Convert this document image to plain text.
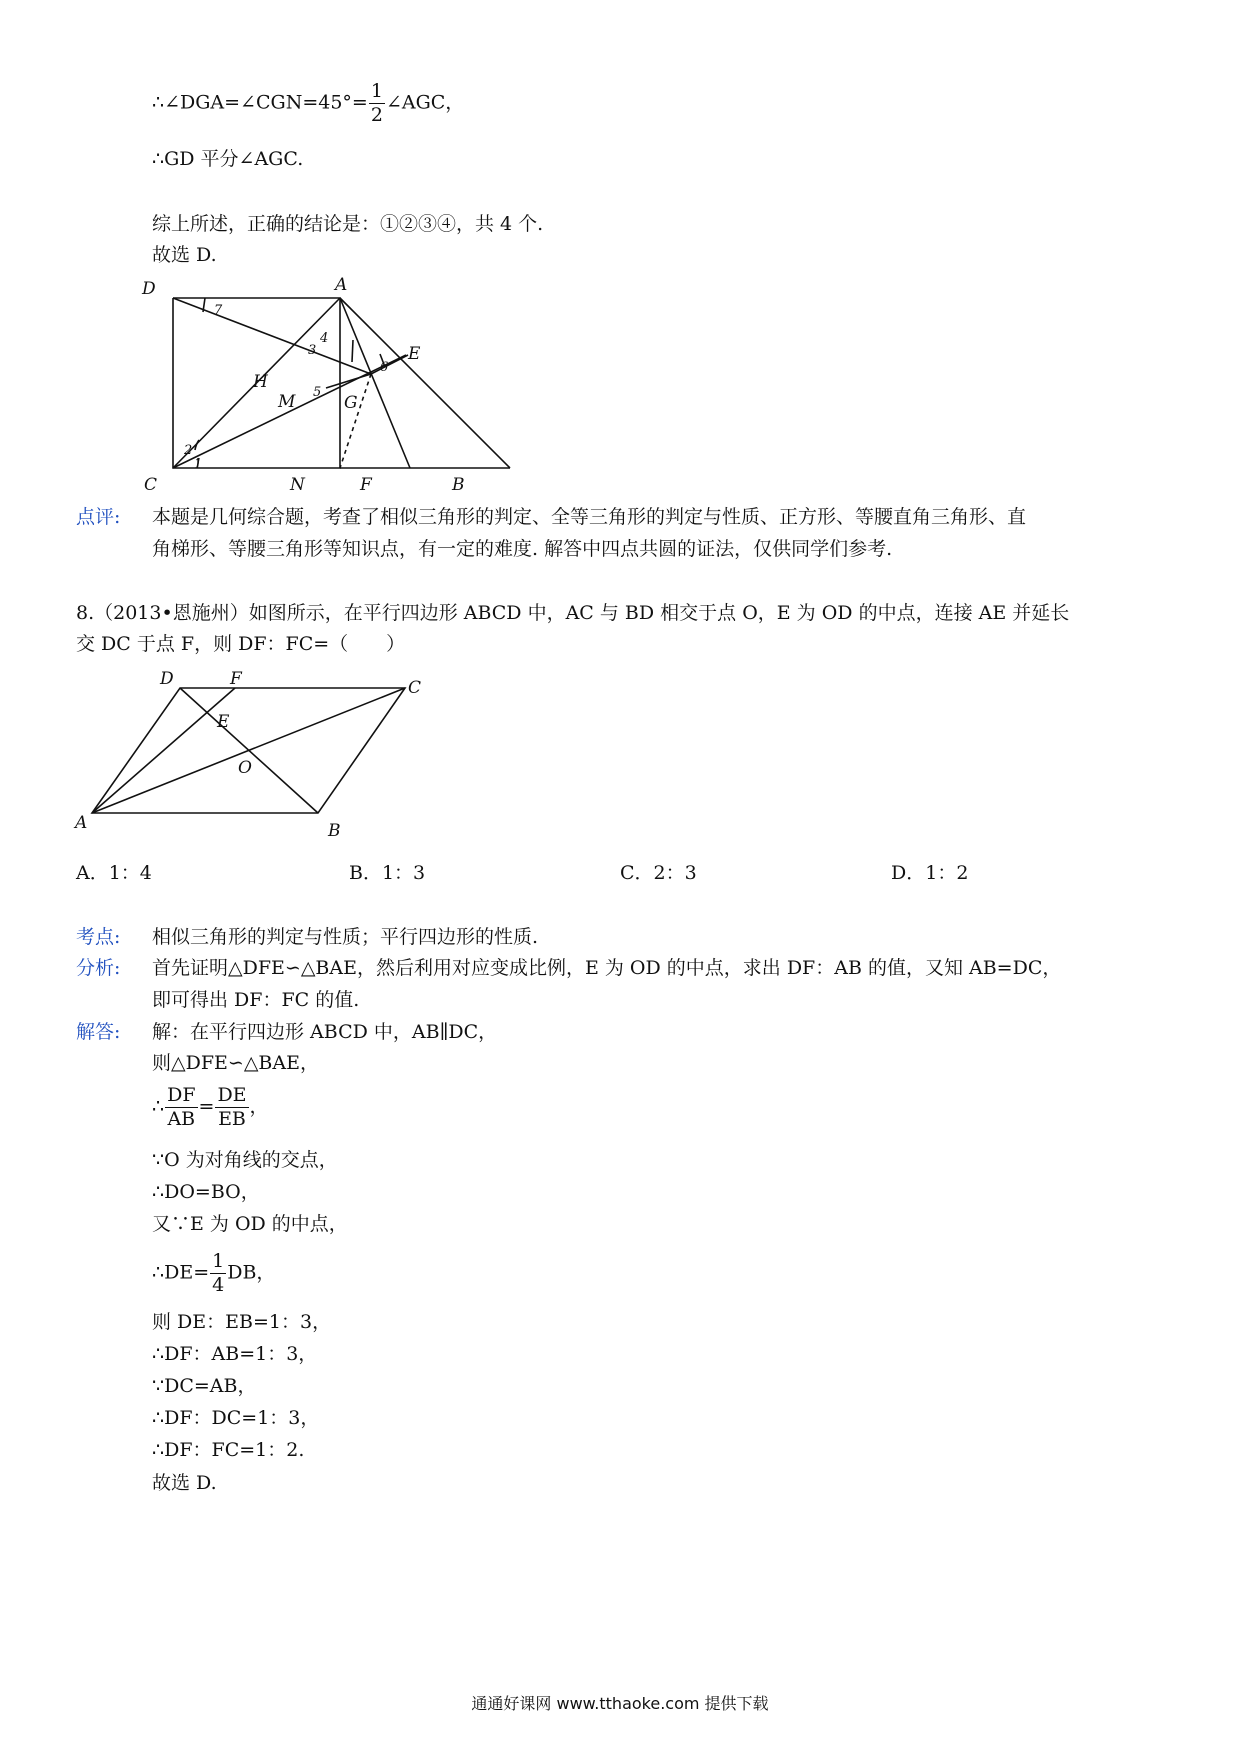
∴∠DGA=∠CGN=45°= $\frac{1}{2}$ ∠AGC，
∴GD 平分∠AGC.
综上所述，正确的结论是：①②③④，共 4 个.
故选 D.
D	A
E
H
M	G
C	N	F	B
1
2
3
4
5
6
7
点评: 本题是几何综合题，考查了相似三角形的判定、全等三角形的判定与性质、正方形、等腰直角三角形、直
角梯形、等腰三角形等知识点，有一定的难度. 解答中四点共圆的证法，仅供同学们参考.
8.（2013•恩施州）如图所示，在平行四边形 ABCD 中，AC 与 BD 相交于点 O，E 为 OD 的中点，连接 AE 并延长
交 DC 于点 F，则 DF：FC=（　　）
D	F	C
E
O
A	B
A．1：4	B．1：3	C．2：3	D．1：2
考点: 相似三角形的判定与性质；平行四边形的性质.
分析: 首先证明△DFE∽△BAE，然后利用对应变成比例，E 为 OD 的中点，求出 DF：AB 的值，又知 AB=DC，
即可得出 DF：FC 的值.
解答: 解：在平行四边形 ABCD 中，AB∥DC，
则△DFE∽△BAE，
∴ $\frac{DF}{AB} = \frac{DE}{EB}$ ，
∵O 为对角线的交点，
∴DO=BO，
又∵E 为 OD 的中点，
∴DE= $\frac{1}{4}$ DB，
则 DE：EB=1：3，
∴DF：AB=1：3，
∵DC=AB，
∴DF：DC=1：3，
∴DF：FC=1：2.
故选 D.
通通好课网 www.tthaoke.com 提供下载
